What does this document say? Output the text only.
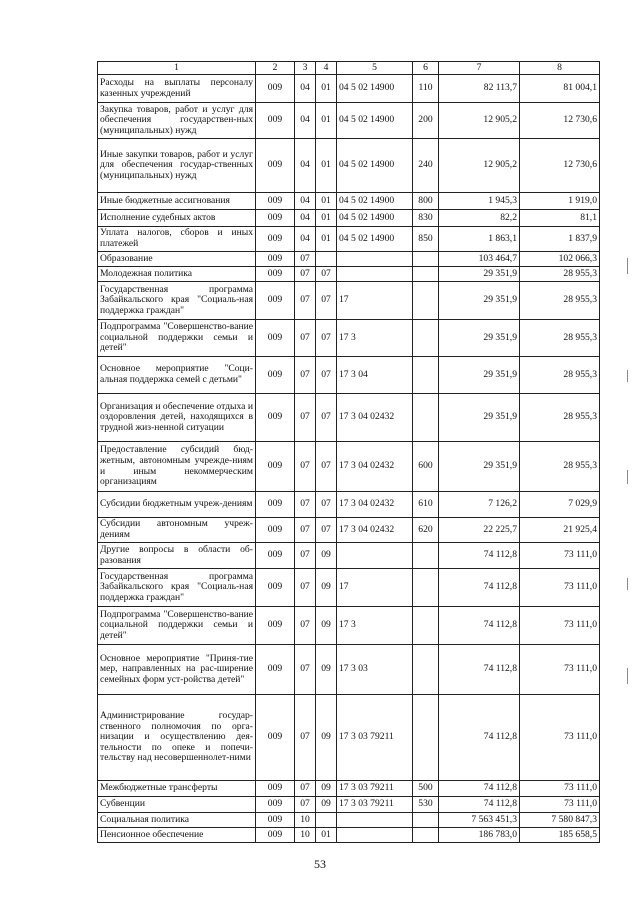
1	2	3	4	5	6	7	8
Расходы на выплаты персоналу казенных учреждений	009	04	01	04 5 02 14900	110	82 113,7	81 004,1
Закупка товаров, работ и услуг для обеспечения государствен-ных (муниципальных) нужд	009	04	01	04 5 02 14900	200	12 905,2	12 730,6
Иные закупки товаров, работ и услуг для обеспечения государ-ственных (муниципальных) нужд	009	04	01	04 5 02 14900	240	12 905,2	12 730,6
Иные бюджетные ассигнования	009	04	01	04 5 02 14900	800	1 945,3	1 919,0
Исполнение судебных актов	009	04	01	04 5 02 14900	830	82,2	81,1
Уплата налогов, сборов и иных платежей	009	04	01	04 5 02 14900	850	1 863,1	1 837,9
Образование	009	07				103 464,7	102 066,3
Молодежная политика	009	07	07			29 351,9	28 955,3
Государственная программа Забайкальского края "Социаль-ная поддержка граждан"	009	07	07	17		29 351,9	28 955,3
Подпрограмма "Совершенство-вание социальной поддержки семьи и детей"	009	07	07	17 3		29 351,9	28 955,3
Основное мероприятие "Соци-альная поддержка семей с детьми"	009	07	07	17 3 04		29 351,9	28 955,3
Организация и обеспечение отдыха и оздоровления детей, находящихся в трудной жиз-ненной ситуации	009	07	07	17 3 04 02432		29 351,9	28 955,3
Предоставление субсидий бюд-жетным, автономным учрежде-ниям и иным некоммерческим организациям	009	07	07	17 3 04 02432	600	29 351,9	28 955,3
Субсидии бюджетным учреж-дениям	009	07	07	17 3 04 02432	610	7 126,2	7 029,9
Субсидии автономным учреж-дениям	009	07	07	17 3 04 02432	620	22 225,7	21 925,4
Другие вопросы в области об-разования	009	07	09			74 112,8	73 111,0
Государственная программа Забайкальского края "Социаль-ная поддержка граждан"	009	07	09	17		74 112,8	73 111,0
Подпрограмма "Совершенство-вание социальной поддержки семьи и детей"	009	07	09	17 3		74 112,8	73 111,0
Основное мероприятие "Приня-тие мер, направленных на рас-ширение семейных форм уст-ройства детей"	009	07	09	17 3 03		74 112,8	73 111,0
Администрирование государ-ственного полномочия по орга-низации и осуществлению дея-тельности по опеке и попечи-тельству над несовершеннолет-ними	009	07	09	17 3 03 79211		74 112,8	73 111,0
Межбюджетные трансферты	009	07	09	17 3 03 79211	500	74 112,8	73 111,0
Субвенции	009	07	09	17 3 03 79211	530	74 112,8	73 111,0
Социальная политика	009	10				7 563 451,3	7 580 847,3
Пенсионное обеспечение	009	10	01			186 783,0	185 658,5
53
